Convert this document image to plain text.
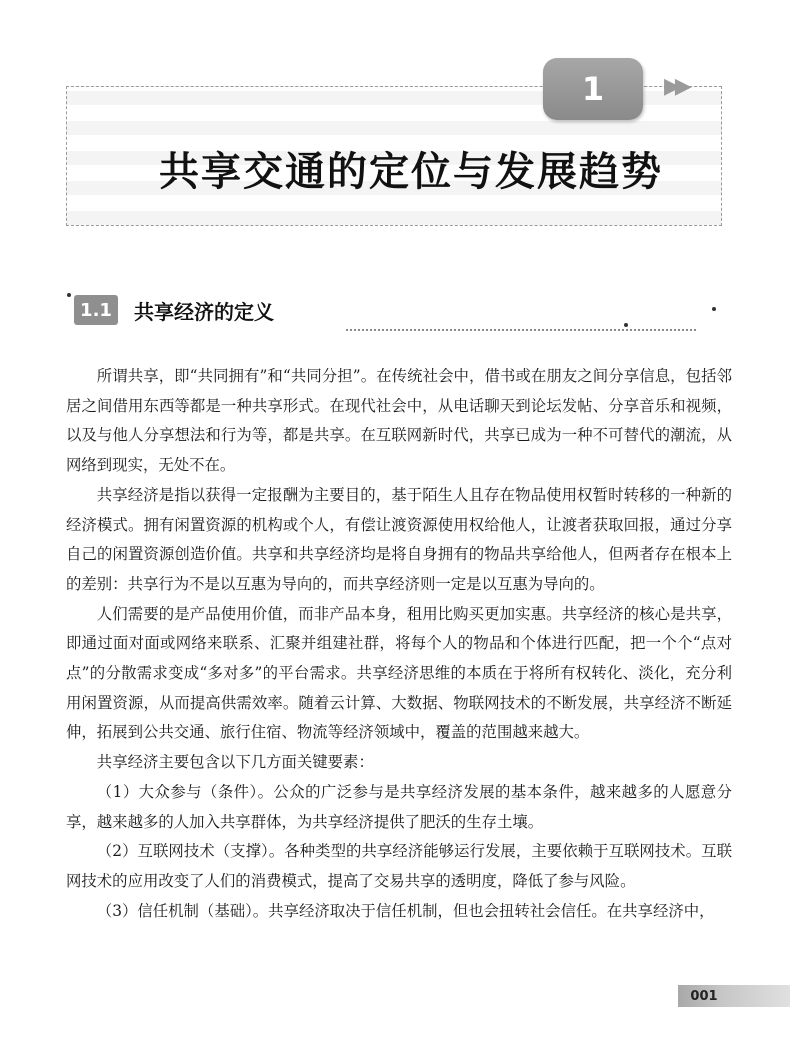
1	▶▶
共享交通的定位与发展趋势
1.1	共享经济的定义

所谓共享，即“共同拥有”和“共同分担”。在传统社会中，借书或在朋友之间分享信息，包括邻居之间借用东西等都是一种共享形式。在现代社会中，从电话聊天到论坛发帖、分享音乐和视频，以及与他人分享想法和行为等，都是共享。在互联网新时代，共享已成为一种不可替代的潮流，从网络到现实，无处不在。

共享经济是指以获得一定报酬为主要目的，基于陌生人且存在物品使用权暂时转移的一种新的经济模式。拥有闲置资源的机构或个人，有偿让渡资源使用权给他人，让渡者获取回报，通过分享自己的闲置资源创造价值。共享和共享经济均是将自身拥有的物品共享给他人，但两者存在根本上的差别：共享行为不是以互惠为导向的，而共享经济则一定是以互惠为导向的。

人们需要的是产品使用价值，而非产品本身，租用比购买更加实惠。共享经济的核心是共享，即通过面对面或网络来联系、汇聚并组建社群，将每个人的物品和个体进行匹配，把一个个“点对点”的分散需求变成“多对多”的平台需求。共享经济思维的本质在于将所有权转化、淡化，充分利用闲置资源，从而提高供需效率。随着云计算、大数据、物联网技术的不断发展，共享经济不断延伸，拓展到公共交通、旅行住宿、物流等经济领域中，覆盖的范围越来越大。

共享经济主要包含以下几方面关键要素：

（1）大众参与（条件）。公众的广泛参与是共享经济发展的基本条件，越来越多的人愿意分享，越来越多的人加入共享群体，为共享经济提供了肥沃的生存土壤。

（2）互联网技术（支撑）。各种类型的共享经济能够运行发展，主要依赖于互联网技术。互联网技术的应用改变了人们的消费模式，提高了交易共享的透明度，降低了参与风险。

（3）信任机制（基础）。共享经济取决于信任机制，但也会扭转社会信任。在共享经济中，

001
